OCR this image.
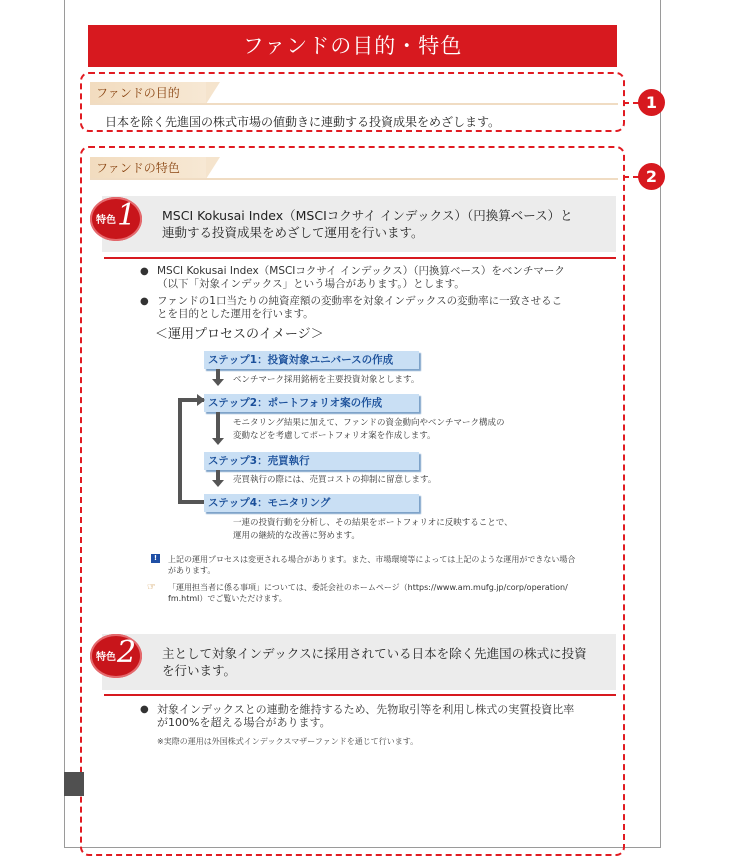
ファンドの目的・特色
1
ファンドの目的
日本を除く先進国の株式市場の値動きに連動する投資成果をめざします。
2
ファンドの特色
MSCI Kokusai Index（MSCIコクサイ インデックス）（円換算ベース）と
連動する投資成果をめざして運用を行います。
特色 1
● MSCI Kokusai Index（MSCIコクサイ インデックス）（円換算ベース）をベンチマーク
（以下「対象インデックス」という場合があります。）とします。
● ファンドの1口当たりの純資産額の変動率を対象インデックスの変動率に一致させるこ
とを目的とした運用を行います。
＜運用プロセスのイメージ＞
ステップ1：投資対象ユニバースの作成
ベンチマーク採用銘柄を主要投資対象とします。
ステップ2：ポートフォリオ案の作成
モニタリング結果に加えて、ファンドの資金動向やベンチマーク構成の
変動などを考慮してポートフォリオ案を作成します。
ステップ3：売買執行
売買執行の際には、売買コストの抑制に留意します。
ステップ4：モニタリング
一連の投資行動を分析し、その結果をポートフォリオに反映することで、
運用の継続的な改善に努めます。
!	上記の運用プロセスは変更される場合があります。また、市場環境等によっては上記のような運用ができない場合
があります。
☞ 「運用担当者に係る事項」については、委託会社のホームページ（https://www.am.mufg.jp/corp/operation/
fm.html）でご覧いただけます。
主として対象インデックスに採用されている日本を除く先進国の株式に投資
を行います。
特色 2
● 対象インデックスとの連動を維持するため、先物取引等を利用し株式の実質投資比率
が100%を超える場合があります。
※実際の運用は外国株式インデックスマザーファンドを通じて行います。
